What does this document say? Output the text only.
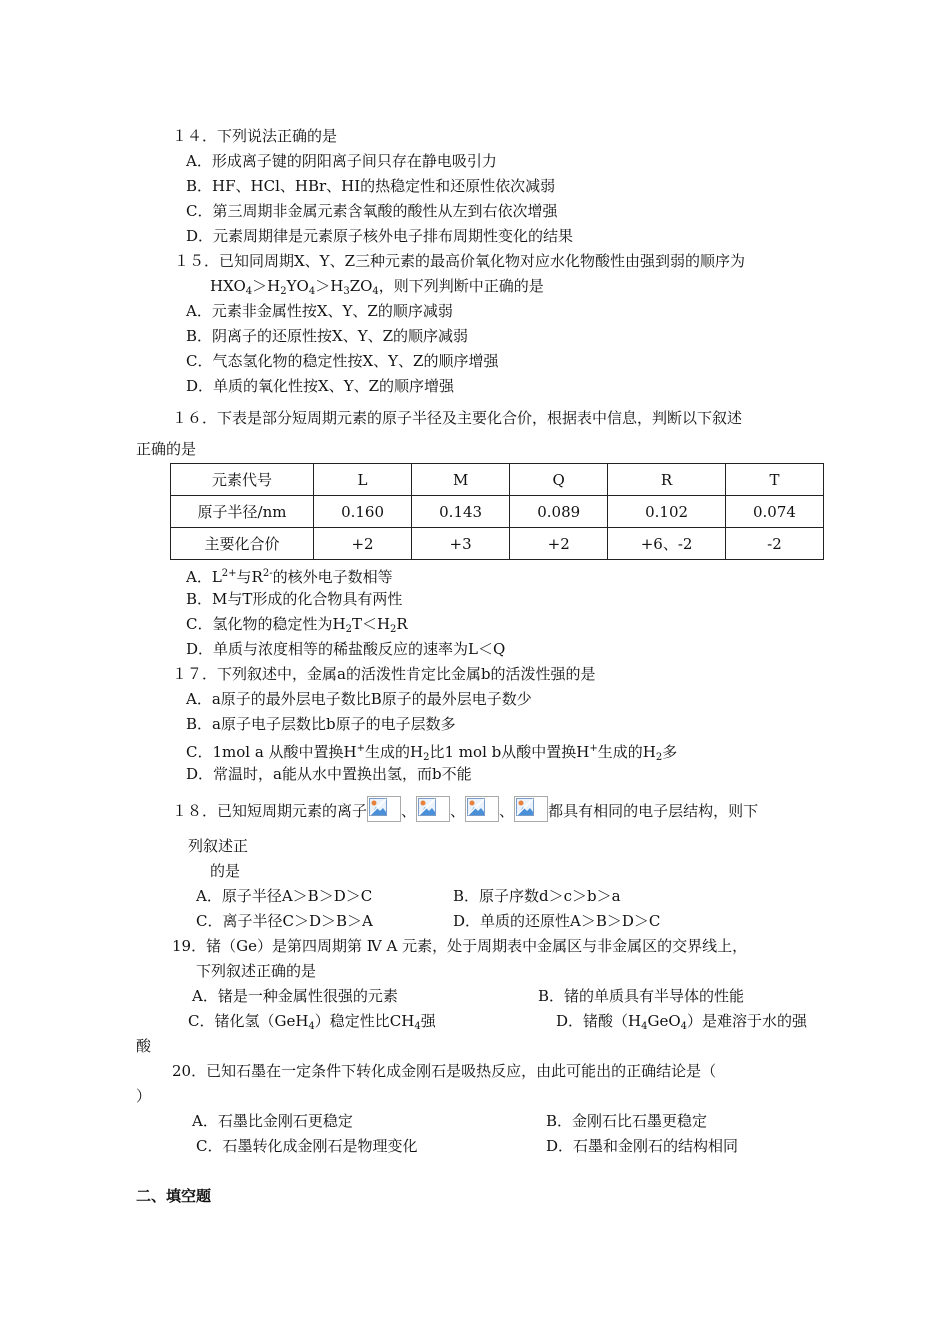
１４．下列说法正确的是
A．形成离子键的阴阳离子间只存在静电吸引力
B．HF、HCl、HBr、HI的热稳定性和还原性依次减弱
C．第三周期非金属元素含氧酸的酸性从左到右依次增强
D．元素周期律是元素原子核外电子排布周期性变化的结果
１５．已知同周期X、Y、Z三种元素的最高价氧化物对应水化物酸性由强到弱的顺序为
$HXO_4>H_2YO_4>H_3ZO_4$，则下列判断中正确的是
A．元素非金属性按X、Y、Z的顺序减弱
B．阴离子的还原性按X、Y、Z的顺序减弱
C．气态氢化物的稳定性按X、Y、Z的顺序增强
D．单质的氧化性按X、Y、Z的顺序增强
１６．下表是部分短周期元素的原子半径及主要化合价，根据表中信息，判断以下叙述
正确的是
元素代号	L	M	Q	R	T
原子半径/nm	0.160	0.143	0.089	0.102	0.074
主要化合价	+2	+3	+2	+6、-2	-2
A．$L^{2+}$与$R^{2-}$的核外电子数相等
B．M与T形成的化合物具有两性
C．氢化物的稳定性为$H_2T<H_2R$
D．单质与浓度相等的稀盐酸反应的速率为L＜Q
１７．下列叙述中，金属a的活泼性肯定比金属b的活泼性强的是
A．a原子的最外层电子数比B原子的最外层电子数少
B．a原子电子层数比b原子的电子层数多
C．1mol a 从酸中置换H+生成的$H_2$比1 mol b从酸中置换H+生成的$H_2$多
D．常温时，a能从水中置换出氢，而b不能
１８．已知短周期元素的离子 、 、 、 都具有相同的电子层结构，则下
列叙述正
的是
A．原子半径A＞B＞D＞C	B．原子序数d＞c＞b＞a
C．离子半径C＞D＞B＞A	D．单质的还原性A＞B＞D＞C
19．锗（Ge）是第四周期第 Ⅳ A 元素，处于周期表中金属区与非金属区的交界线上，
下列叙述正确的是
A．锗是一种金属性很强的元素	B．锗的单质具有半导体的性能
C．锗化氢（GeH$_4$）稳定性比$CH_4$强	D．锗酸$(H_4GeO_4)$是难溶于水的强
酸
20．已知石墨在一定条件下转化成金刚石是吸热反应，由此可能出的正确结论是（
）
A．石墨比金刚石更稳定	B．金刚石比石墨更稳定
C．石墨转化成金刚石是物理变化	D．石墨和金刚石的结构相同
二、填空题
